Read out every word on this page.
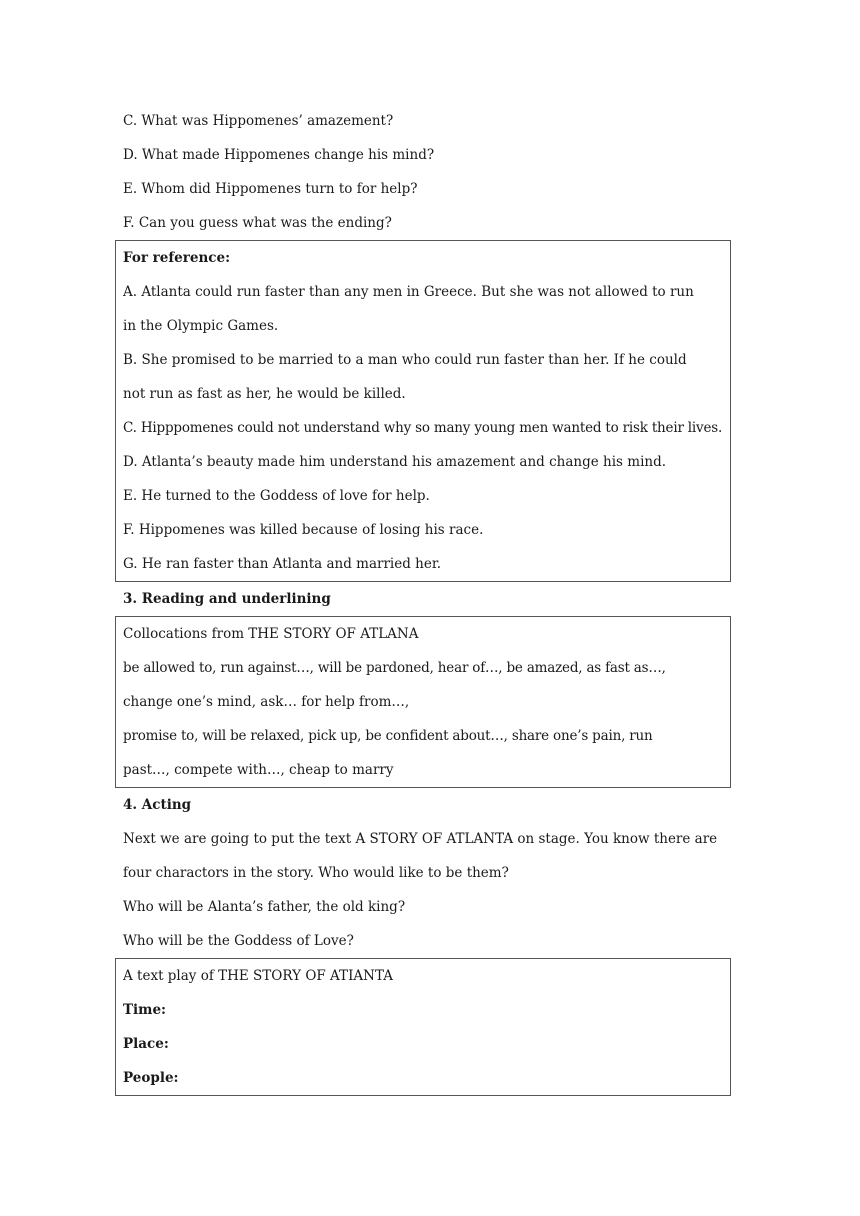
C. What was Hippomenes’ amazement?
D. What made Hippomenes change his mind?
E. Whom did Hippomenes turn to for help?
F. Can you guess what was the ending?
For reference:
A. Atlanta could run faster than any men in Greece. But she was not allowed to run
in the Olympic Games.
B. She promised to be married to a man who could run faster than her. If he could
not run as fast as her, he would be killed.
C. Hipppomenes could not understand why so many young men wanted to risk their lives.
D. Atlanta’s beauty made him understand his amazement and change his mind.
E. He turned to the Goddess of love for help.
F. Hippomenes was killed because of losing his race.
G. He ran faster than Atlanta and married her.
3. Reading and underlining
Collocations from THE STORY OF ATLANA
be allowed to, run against…, will be pardoned, hear of…, be amazed, as fast as…,
change one’s mind, ask… for help from…,
promise to, will be relaxed, pick up, be confident about…, share one’s pain, run
past…, compete with…, cheap to marry
4. Acting
Next we are going to put the text A STORY OF ATLANTA on stage. You know there are
four charactors in the story. Who would like to be them?
Who will be Alanta’s father, the old king?
Who will be the Goddess of Love?
A text play of THE STORY OF ATIANTA
Time:
Place:
People:
